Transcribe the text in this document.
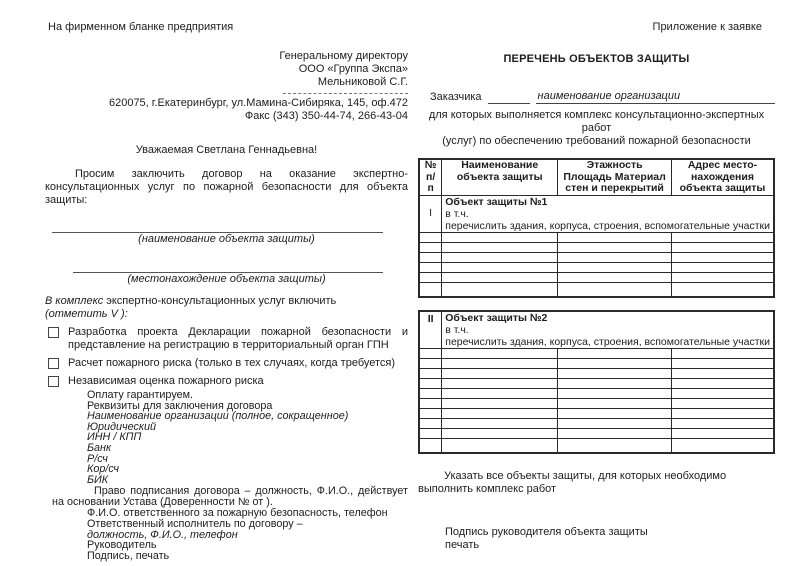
На фирменном бланке предприятия	Приложение к заявке
Генеральному директору
ООО «Группа Экспа»
Мельниковой С.Г.
620075, г.Екатеринбург, ул.Мамина-Сибиряка, 145, оф.472
Факс (343) 350-44-74, 266-43-04
Уважаемая Светлана Геннадьевна!
Просим заключить договор на оказание экспертно-консультационных услуг по пожарной безопасности для объекта защиты:
(наименование объекта защиты)
(местонахождение объекта защиты)
В комплекс экспертно-консультационных услуг включить
(отметить V ):
Разработка проекта Декларации пожарной безопасности и представление на регистрацию в территориальный орган ГПН
Расчет пожарного риска (только в тех случаях, когда требуется)
Независимая оценка пожарного риска
Оплату гарантируем.
Реквизиты для заключения договора
Наименование организации (полное, сокращенное)
Юридический
ИНН / КПП
Банк
Р/сч
Кор/сч
БИК
Право подписания договора – должность, Ф.И.О., действует на основании Устава (Доверенности № от ).
Ф.И.О. ответственного за пожарную безопасность, телефон
Ответственный исполнитель по договору –
должность, Ф.И.О., телефон
Руководитель
Подпись, печать
ПЕРЕЧЕНЬ ОБЪЕКТОВ ЗАЩИТЫ
Заказчика	наименование организации
для которых выполняется комплекс консультационно-экспертных работ
(услуг) по обеспечению требований пожарной безопасности
№ п/п	Наименование объекта защиты	Этажность Площадь Материал стен и перекрытий	Адрес место-нахождения объекта защиты
I	Объект защиты №1
в т.ч.
перечислить здания, корпуса, строения, вспомогательные участки		

II	Объект защиты №2
в т.ч.
перечислить здания, корпуса, строения, вспомогательные участки		

Указать все объекты защиты, для которых необходимо выполнить комплекс работ
Подпись руководителя объекта защиты
печать
